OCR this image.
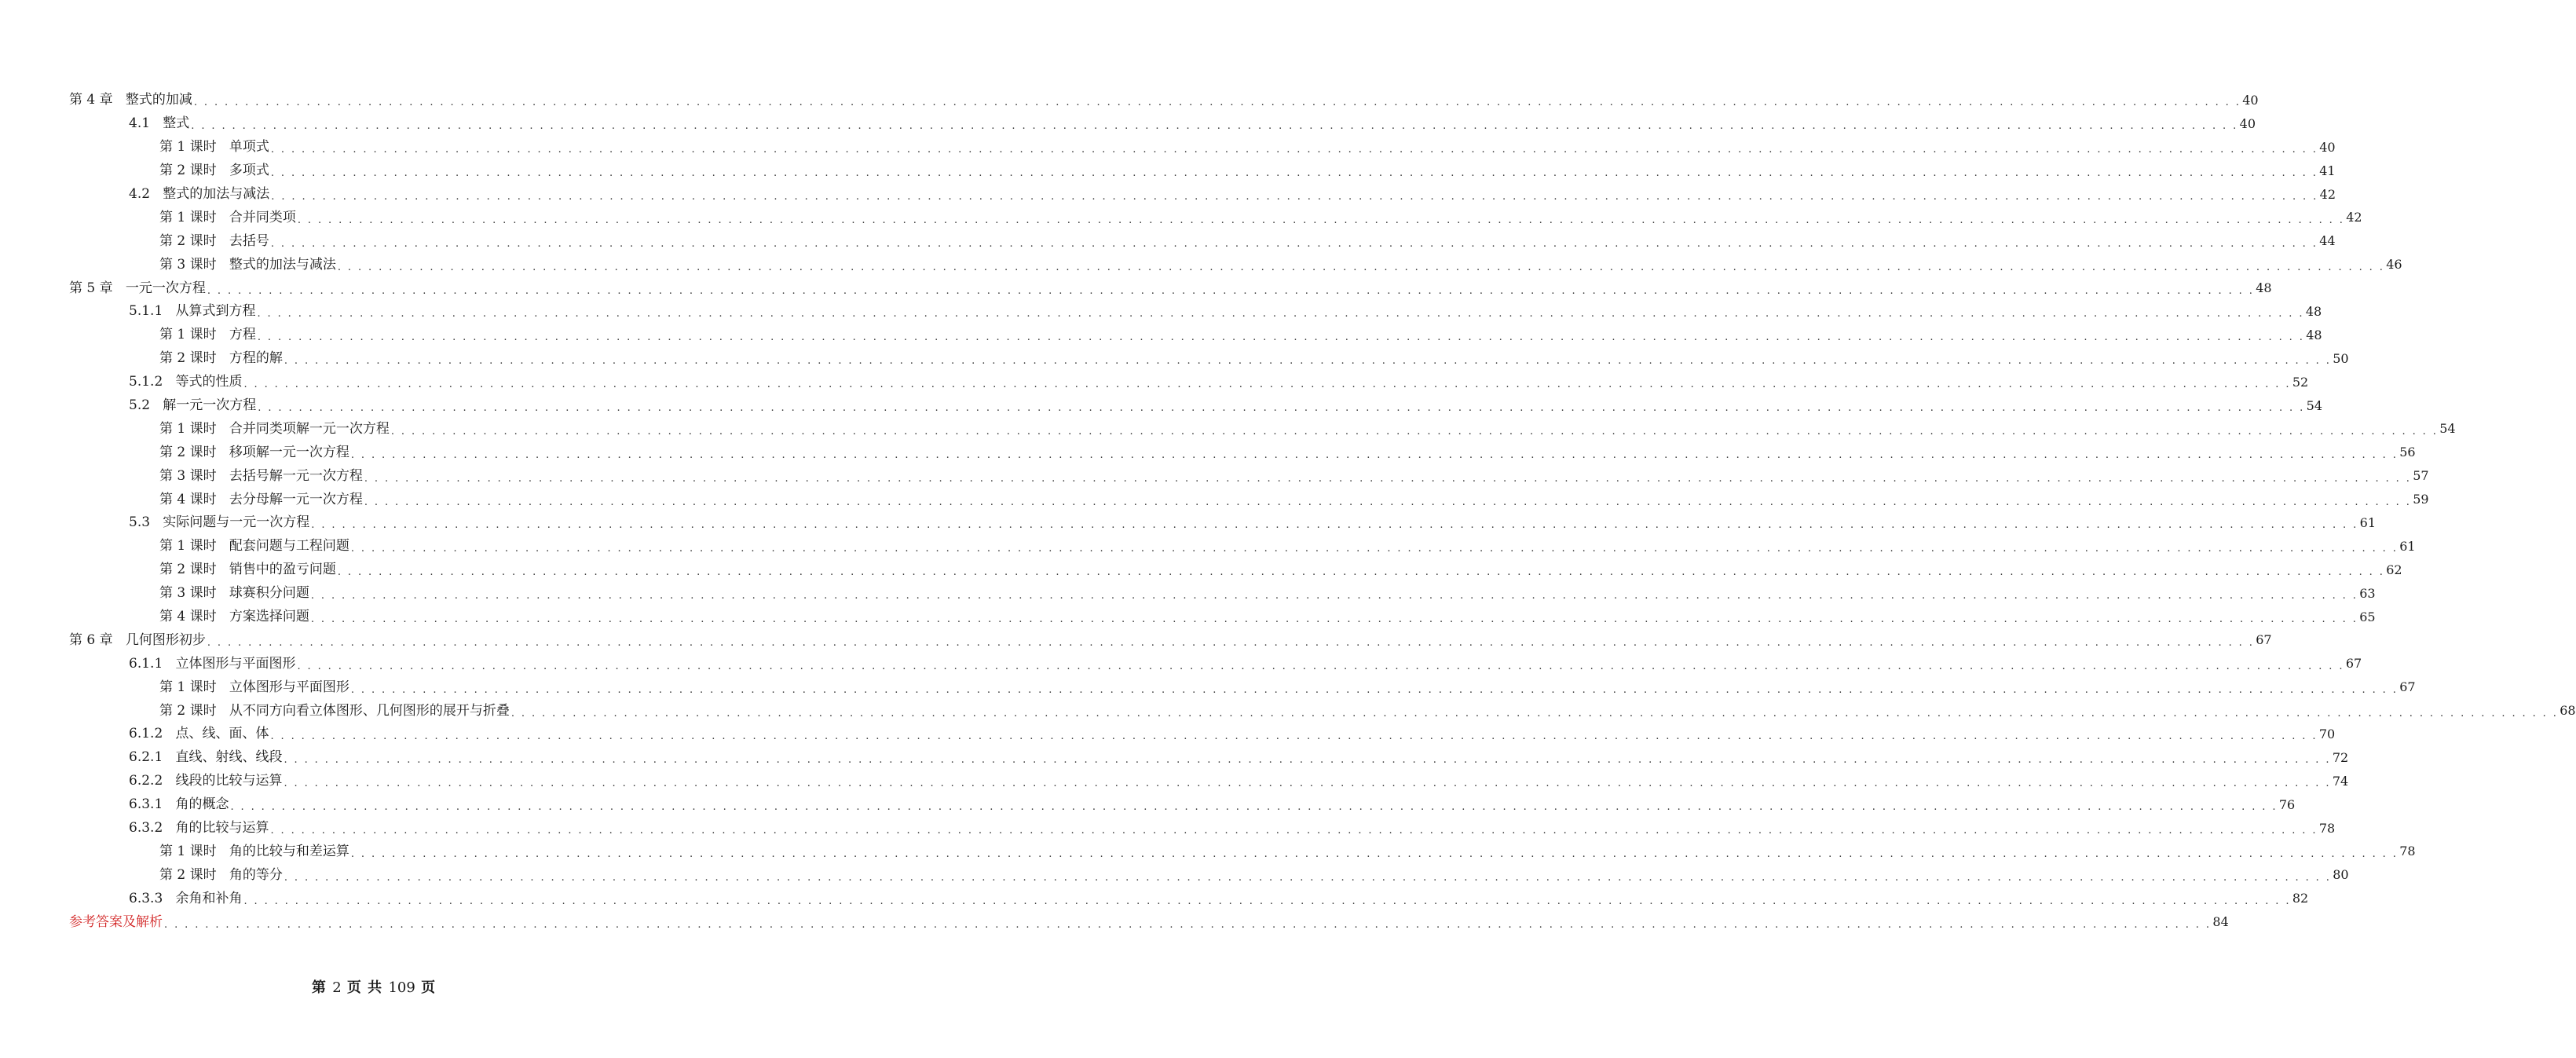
第 4 章 整式的加减 . . . . . . . . . . . . . . . . . . . . . . . . . . . . . . . . . . . . . . . . . . . . . . . . . . . . . . . . . . . . . . . . . . . . . . . . . . . . . . . . . . . . . . . . . . . . . . . . . . . . . . . . . . . . . . . . . . . . . . . . . . . . . . . . . . . . . . . . . . . . . . . . . . . . . . . . . . . . . . . . . . . . . . . . . . . . . . . . . . . . . . . . . . . . . . . . . . . . . . . . 40
4.1 整式 . . . . . . . . . . . . . . . . . . . . . . . . . . . . . . . . . . . . . . . . . . . . . . . . . . . . . . . . . . . . . . . . . . . . . . . . . . . . . . . . . . . . . . . . . . . . . . . . . . . . . . . . . . . . . . . . . . . . . . . . . . . . . . . . . . . . . . . . . . . . . . . . . . . . . . . . . . . . . . . . . . . . . . . . . . . . . . . . . . . . . . . . . . . . . . . . . . . . . . . . 40
第 1 课时 单项式 . . . . . . . . . . . . . . . . . . . . . . . . . . . . . . . . . . . . . . . . . . . . . . . . . . . . . . . . . . . . . . . . . . . . . . . . . . . . . . . . . . . . . . . . . . . . . . . . . . . . . . . . . . . . . . . . . . . . . . . . . . . . . . . . . . . . . . . . . . . . . . . . . . . . . . . . . . . . . . . . . . . . . . . . . . . . . . . . . . . . . . . . . . . . . . . . . . . . . . . . 40
第 2 课时 多项式 . . . . . . . . . . . . . . . . . . . . . . . . . . . . . . . . . . . . . . . . . . . . . . . . . . . . . . . . . . . . . . . . . . . . . . . . . . . . . . . . . . . . . . . . . . . . . . . . . . . . . . . . . . . . . . . . . . . . . . . . . . . . . . . . . . . . . . . . . . . . . . . . . . . . . . . . . . . . . . . . . . . . . . . . . . . . . . . . . . . . . . . . . . . . . . . . . . . . . . . . 41
4.2 整式的加法与减法 . . . . . . . . . . . . . . . . . . . . . . . . . . . . . . . . . . . . . . . . . . . . . . . . . . . . . . . . . . . . . . . . . . . . . . . . . . . . . . . . . . . . . . . . . . . . . . . . . . . . . . . . . . . . . . . . . . . . . . . . . . . . . . . . . . . . . . . . . . . . . . . . . . . . . . . . . . . . . . . . . . . . . . . . . . . . . . . . . . . . . . . . . . . . . . . . . . . . . . . . 42
第 1 课时 合并同类项 . . . . . . . . . . . . . . . . . . . . . . . . . . . . . . . . . . . . . . . . . . . . . . . . . . . . . . . . . . . . . . . . . . . . . . . . . . . . . . . . . . . . . . . . . . . . . . . . . . . . . . . . . . . . . . . . . . . . . . . . . . . . . . . . . . . . . . . . . . . . . . . . . . . . . . . . . . . . . . . . . . . . . . . . . . . . . . . . . . . . . . . . . . . . . . . . . . . . . . . . 42
第 2 课时 去括号 . . . . . . . . . . . . . . . . . . . . . . . . . . . . . . . . . . . . . . . . . . . . . . . . . . . . . . . . . . . . . . . . . . . . . . . . . . . . . . . . . . . . . . . . . . . . . . . . . . . . . . . . . . . . . . . . . . . . . . . . . . . . . . . . . . . . . . . . . . . . . . . . . . . . . . . . . . . . . . . . . . . . . . . . . . . . . . . . . . . . . . . . . . . . . . . . . . . . . . . . 44
第 3 课时 整式的加法与减法 . . . . . . . . . . . . . . . . . . . . . . . . . . . . . . . . . . . . . . . . . . . . . . . . . . . . . . . . . . . . . . . . . . . . . . . . . . . . . . . . . . . . . . . . . . . . . . . . . . . . . . . . . . . . . . . . . . . . . . . . . . . . . . . . . . . . . . . . . . . . . . . . . . . . . . . . . . . . . . . . . . . . . . . . . . . . . . . . . . . . . . . . . . . . . . . . . . . . . . . . 46
第 5 章 一元一次方程 . . . . . . . . . . . . . . . . . . . . . . . . . . . . . . . . . . . . . . . . . . . . . . . . . . . . . . . . . . . . . . . . . . . . . . . . . . . . . . . . . . . . . . . . . . . . . . . . . . . . . . . . . . . . . . . . . . . . . . . . . . . . . . . . . . . . . . . . . . . . . . . . . . . . . . . . . . . . . . . . . . . . . . . . . . . . . . . . . . . . . . . . . . . . . . . . . . . . . . . . 48
5.1.1 从算式到方程 . . . . . . . . . . . . . . . . . . . . . . . . . . . . . . . . . . . . . . . . . . . . . . . . . . . . . . . . . . . . . . . . . . . . . . . . . . . . . . . . . . . . . . . . . . . . . . . . . . . . . . . . . . . . . . . . . . . . . . . . . . . . . . . . . . . . . . . . . . . . . . . . . . . . . . . . . . . . . . . . . . . . . . . . . . . . . . . . . . . . . . . . . . . . . . . . . . . . . . . . 48
第 1 课时 方程 . . . . . . . . . . . . . . . . . . . . . . . . . . . . . . . . . . . . . . . . . . . . . . . . . . . . . . . . . . . . . . . . . . . . . . . . . . . . . . . . . . . . . . . . . . . . . . . . . . . . . . . . . . . . . . . . . . . . . . . . . . . . . . . . . . . . . . . . . . . . . . . . . . . . . . . . . . . . . . . . . . . . . . . . . . . . . . . . . . . . . . . . . . . . . . . . . . . . . . . . 48
第 2 课时 方程的解 . . . . . . . . . . . . . . . . . . . . . . . . . . . . . . . . . . . . . . . . . . . . . . . . . . . . . . . . . . . . . . . . . . . . . . . . . . . . . . . . . . . . . . . . . . . . . . . . . . . . . . . . . . . . . . . . . . . . . . . . . . . . . . . . . . . . . . . . . . . . . . . . . . . . . . . . . . . . . . . . . . . . . . . . . . . . . . . . . . . . . . . . . . . . . . . . . . . . . . . . 50
5.1.2 等式的性质 . . . . . . . . . . . . . . . . . . . . . . . . . . . . . . . . . . . . . . . . . . . . . . . . . . . . . . . . . . . . . . . . . . . . . . . . . . . . . . . . . . . . . . . . . . . . . . . . . . . . . . . . . . . . . . . . . . . . . . . . . . . . . . . . . . . . . . . . . . . . . . . . . . . . . . . . . . . . . . . . . . . . . . . . . . . . . . . . . . . . . . . . . . . . . . . . . . . . . . . . 52
5.2 解一元一次方程 . . . . . . . . . . . . . . . . . . . . . . . . . . . . . . . . . . . . . . . . . . . . . . . . . . . . . . . . . . . . . . . . . . . . . . . . . . . . . . . . . . . . . . . . . . . . . . . . . . . . . . . . . . . . . . . . . . . . . . . . . . . . . . . . . . . . . . . . . . . . . . . . . . . . . . . . . . . . . . . . . . . . . . . . . . . . . . . . . . . . . . . . . . . . . . . . . . . . . . . . 54
第 1 课时 合并同类项解一元一次方程 . . . . . . . . . . . . . . . . . . . . . . . . . . . . . . . . . . . . . . . . . . . . . . . . . . . . . . . . . . . . . . . . . . . . . . . . . . . . . . . . . . . . . . . . . . . . . . . . . . . . . . . . . . . . . . . . . . . . . . . . . . . . . . . . . . . . . . . . . . . . . . . . . . . . . . . . . . . . . . . . . . . . . . . . . . . . . . . . . . . . . . . . . . . . . . . . . . . . . . . . 54
第 2 课时 移项解一元一次方程 . . . . . . . . . . . . . . . . . . . . . . . . . . . . . . . . . . . . . . . . . . . . . . . . . . . . . . . . . . . . . . . . . . . . . . . . . . . . . . . . . . . . . . . . . . . . . . . . . . . . . . . . . . . . . . . . . . . . . . . . . . . . . . . . . . . . . . . . . . . . . . . . . . . . . . . . . . . . . . . . . . . . . . . . . . . . . . . . . . . . . . . . . . . . . . . . . . . . . . . . 56
第 3 课时 去括号解一元一次方程 . . . . . . . . . . . . . . . . . . . . . . . . . . . . . . . . . . . . . . . . . . . . . . . . . . . . . . . . . . . . . . . . . . . . . . . . . . . . . . . . . . . . . . . . . . . . . . . . . . . . . . . . . . . . . . . . . . . . . . . . . . . . . . . . . . . . . . . . . . . . . . . . . . . . . . . . . . . . . . . . . . . . . . . . . . . . . . . . . . . . . . . . . . . . . . . . . . . . . . . . 57
第 4 课时 去分母解一元一次方程 . . . . . . . . . . . . . . . . . . . . . . . . . . . . . . . . . . . . . . . . . . . . . . . . . . . . . . . . . . . . . . . . . . . . . . . . . . . . . . . . . . . . . . . . . . . . . . . . . . . . . . . . . . . . . . . . . . . . . . . . . . . . . . . . . . . . . . . . . . . . . . . . . . . . . . . . . . . . . . . . . . . . . . . . . . . . . . . . . . . . . . . . . . . . . . . . . . . . . . . . 59
5.3 实际问题与一元一次方程 . . . . . . . . . . . . . . . . . . . . . . . . . . . . . . . . . . . . . . . . . . . . . . . . . . . . . . . . . . . . . . . . . . . . . . . . . . . . . . . . . . . . . . . . . . . . . . . . . . . . . . . . . . . . . . . . . . . . . . . . . . . . . . . . . . . . . . . . . . . . . . . . . . . . . . . . . . . . . . . . . . . . . . . . . . . . . . . . . . . . . . . . . . . . . . . . . . . . . . . . 61
第 1 课时 配套问题与工程问题 . . . . . . . . . . . . . . . . . . . . . . . . . . . . . . . . . . . . . . . . . . . . . . . . . . . . . . . . . . . . . . . . . . . . . . . . . . . . . . . . . . . . . . . . . . . . . . . . . . . . . . . . . . . . . . . . . . . . . . . . . . . . . . . . . . . . . . . . . . . . . . . . . . . . . . . . . . . . . . . . . . . . . . . . . . . . . . . . . . . . . . . . . . . . . . . . . . . . . . . . 61
第 2 课时 销售中的盈亏问题 . . . . . . . . . . . . . . . . . . . . . . . . . . . . . . . . . . . . . . . . . . . . . . . . . . . . . . . . . . . . . . . . . . . . . . . . . . . . . . . . . . . . . . . . . . . . . . . . . . . . . . . . . . . . . . . . . . . . . . . . . . . . . . . . . . . . . . . . . . . . . . . . . . . . . . . . . . . . . . . . . . . . . . . . . . . . . . . . . . . . . . . . . . . . . . . . . . . . . . . . 62
第 3 课时 球赛积分问题 . . . . . . . . . . . . . . . . . . . . . . . . . . . . . . . . . . . . . . . . . . . . . . . . . . . . . . . . . . . . . . . . . . . . . . . . . . . . . . . . . . . . . . . . . . . . . . . . . . . . . . . . . . . . . . . . . . . . . . . . . . . . . . . . . . . . . . . . . . . . . . . . . . . . . . . . . . . . . . . . . . . . . . . . . . . . . . . . . . . . . . . . . . . . . . . . . . . . . . . . 63
第 4 课时 方案选择问题 . . . . . . . . . . . . . . . . . . . . . . . . . . . . . . . . . . . . . . . . . . . . . . . . . . . . . . . . . . . . . . . . . . . . . . . . . . . . . . . . . . . . . . . . . . . . . . . . . . . . . . . . . . . . . . . . . . . . . . . . . . . . . . . . . . . . . . . . . . . . . . . . . . . . . . . . . . . . . . . . . . . . . . . . . . . . . . . . . . . . . . . . . . . . . . . . . . . . . . . . 65
第 6 章 几何图形初步 . . . . . . . . . . . . . . . . . . . . . . . . . . . . . . . . . . . . . . . . . . . . . . . . . . . . . . . . . . . . . . . . . . . . . . . . . . . . . . . . . . . . . . . . . . . . . . . . . . . . . . . . . . . . . . . . . . . . . . . . . . . . . . . . . . . . . . . . . . . . . . . . . . . . . . . . . . . . . . . . . . . . . . . . . . . . . . . . . . . . . . . . . . . . . . . . . . . . . . . . 67
6.1.1 立体图形与平面图形 . . . . . . . . . . . . . . . . . . . . . . . . . . . . . . . . . . . . . . . . . . . . . . . . . . . . . . . . . . . . . . . . . . . . . . . . . . . . . . . . . . . . . . . . . . . . . . . . . . . . . . . . . . . . . . . . . . . . . . . . . . . . . . . . . . . . . . . . . . . . . . . . . . . . . . . . . . . . . . . . . . . . . . . . . . . . . . . . . . . . . . . . . . . . . . . . . . . . . . . . 67
第 1 课时 立体图形与平面图形 . . . . . . . . . . . . . . . . . . . . . . . . . . . . . . . . . . . . . . . . . . . . . . . . . . . . . . . . . . . . . . . . . . . . . . . . . . . . . . . . . . . . . . . . . . . . . . . . . . . . . . . . . . . . . . . . . . . . . . . . . . . . . . . . . . . . . . . . . . . . . . . . . . . . . . . . . . . . . . . . . . . . . . . . . . . . . . . . . . . . . . . . . . . . . . . . . . . . . . . . 67
第 2 课时 从不同方向看立体图形、几何图形的展开与折叠 . . . . . . . . . . . . . . . . . . . . . . . . . . . . . . . . . . . . . . . . . . . . . . . . . . . . . . . . . . . . . . . . . . . . . . . . . . . . . . . . . . . . . . . . . . . . . . . . . . . . . . . . . . . . . . . . . . . . . . . . . . . . . . . . . . . . . . . . . . . . . . . . . . . . . . . . . . . . . . . . . . . . . . . . . . . . . . . . . . . . . . . . . . . . . . . . . . . . . . . . 68
6.1.2 点、线、面、体 . . . . . . . . . . . . . . . . . . . . . . . . . . . . . . . . . . . . . . . . . . . . . . . . . . . . . . . . . . . . . . . . . . . . . . . . . . . . . . . . . . . . . . . . . . . . . . . . . . . . . . . . . . . . . . . . . . . . . . . . . . . . . . . . . . . . . . . . . . . . . . . . . . . . . . . . . . . . . . . . . . . . . . . . . . . . . . . . . . . . . . . . . . . . . . . . . . . . . . . . 70
6.2.1 直线、射线、线段 . . . . . . . . . . . . . . . . . . . . . . . . . . . . . . . . . . . . . . . . . . . . . . . . . . . . . . . . . . . . . . . . . . . . . . . . . . . . . . . . . . . . . . . . . . . . . . . . . . . . . . . . . . . . . . . . . . . . . . . . . . . . . . . . . . . . . . . . . . . . . . . . . . . . . . . . . . . . . . . . . . . . . . . . . . . . . . . . . . . . . . . . . . . . . . . . . . . . . . . . 72
6.2.2 线段的比较与运算 . . . . . . . . . . . . . . . . . . . . . . . . . . . . . . . . . . . . . . . . . . . . . . . . . . . . . . . . . . . . . . . . . . . . . . . . . . . . . . . . . . . . . . . . . . . . . . . . . . . . . . . . . . . . . . . . . . . . . . . . . . . . . . . . . . . . . . . . . . . . . . . . . . . . . . . . . . . . . . . . . . . . . . . . . . . . . . . . . . . . . . . . . . . . . . . . . . . . . . . . 74
6.3.1 角的概念 . . . . . . . . . . . . . . . . . . . . . . . . . . . . . . . . . . . . . . . . . . . . . . . . . . . . . . . . . . . . . . . . . . . . . . . . . . . . . . . . . . . . . . . . . . . . . . . . . . . . . . . . . . . . . . . . . . . . . . . . . . . . . . . . . . . . . . . . . . . . . . . . . . . . . . . . . . . . . . . . . . . . . . . . . . . . . . . . . . . . . . . . . . . . . . . . . . . . . . . . 76
6.3.2 角的比较与运算 . . . . . . . . . . . . . . . . . . . . . . . . . . . . . . . . . . . . . . . . . . . . . . . . . . . . . . . . . . . . . . . . . . . . . . . . . . . . . . . . . . . . . . . . . . . . . . . . . . . . . . . . . . . . . . . . . . . . . . . . . . . . . . . . . . . . . . . . . . . . . . . . . . . . . . . . . . . . . . . . . . . . . . . . . . . . . . . . . . . . . . . . . . . . . . . . . . . . . . . . 78
第 1 课时 角的比较与和差运算 . . . . . . . . . . . . . . . . . . . . . . . . . . . . . . . . . . . . . . . . . . . . . . . . . . . . . . . . . . . . . . . . . . . . . . . . . . . . . . . . . . . . . . . . . . . . . . . . . . . . . . . . . . . . . . . . . . . . . . . . . . . . . . . . . . . . . . . . . . . . . . . . . . . . . . . . . . . . . . . . . . . . . . . . . . . . . . . . . . . . . . . . . . . . . . . . . . . . . . . . 78
第 2 课时 角的等分 . . . . . . . . . . . . . . . . . . . . . . . . . . . . . . . . . . . . . . . . . . . . . . . . . . . . . . . . . . . . . . . . . . . . . . . . . . . . . . . . . . . . . . . . . . . . . . . . . . . . . . . . . . . . . . . . . . . . . . . . . . . . . . . . . . . . . . . . . . . . . . . . . . . . . . . . . . . . . . . . . . . . . . . . . . . . . . . . . . . . . . . . . . . . . . . . . . . . . . . . 80
6.3.3 余角和补角 . . . . . . . . . . . . . . . . . . . . . . . . . . . . . . . . . . . . . . . . . . . . . . . . . . . . . . . . . . . . . . . . . . . . . . . . . . . . . . . . . . . . . . . . . . . . . . . . . . . . . . . . . . . . . . . . . . . . . . . . . . . . . . . . . . . . . . . . . . . . . . . . . . . . . . . . . . . . . . . . . . . . . . . . . . . . . . . . . . . . . . . . . . . . . . . . . . . . . . . . 82
参考答案及解析 . . . . . . . . . . . . . . . . . . . . . . . . . . . . . . . . . . . . . . . . . . . . . . . . . . . . . . . . . . . . . . . . . . . . . . . . . . . . . . . . . . . . . . . . . . . . . . . . . . . . . . . . . . . . . . . . . . . . . . . . . . . . . . . . . . . . . . . . . . . . . . . . . . . . . . . . . . . . . . . . . . . . . . . . . . . . . . . . . . . . . . . . . . . . . . . . . . . . . . . . 84
第 2 页 共 109 页
